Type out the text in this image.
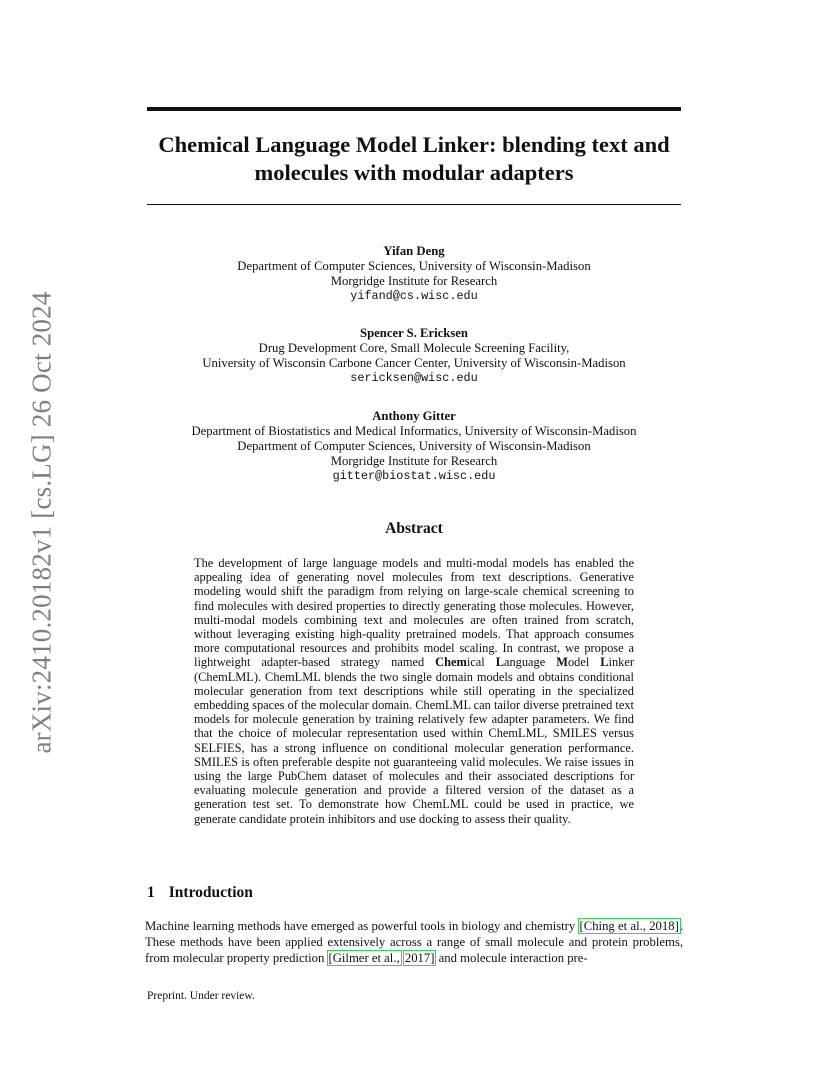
arXiv:2410.20182v1 [cs.LG] 26 Oct 2024
Chemical Language Model Linker: blending text and molecules with modular adapters
Yifan Deng
Department of Computer Sciences, University of Wisconsin-Madison
Morgridge Institute for Research
yifand@cs.wisc.edu
Spencer S. Ericksen
Drug Development Core, Small Molecule Screening Facility,
University of Wisconsin Carbone Cancer Center, University of Wisconsin-Madison
sericksen@wisc.edu
Anthony Gitter
Department of Biostatistics and Medical Informatics, University of Wisconsin-Madison
Department of Computer Sciences, University of Wisconsin-Madison
Morgridge Institute for Research
gitter@biostat.wisc.edu
Abstract
The development of large language models and multi-modal models has enabled the appealing idea of generating novel molecules from text descriptions. Generative modeling would shift the paradigm from relying on large-scale chemical screening to find molecules with desired properties to directly generating those molecules. However, multi-modal models combining text and molecules are often trained from scratch, without leveraging existing high-quality pretrained models. That approach consumes more computational resources and prohibits model scaling. In contrast, we propose a lightweight adapter-based strategy named Chemical Language Model Linker (ChemLML). ChemLML blends the two single domain models and obtains conditional molecular generation from text descriptions while still operating in the specialized embedding spaces of the molecular domain. ChemLML can tailor diverse pretrained text models for molecule generation by training relatively few adapter parameters. We find that the choice of molecular representation used within ChemLML, SMILES versus SELFIES, has a strong influence on conditional molecular generation performance. SMILES is often preferable despite not guaranteeing valid molecules. We raise issues in using the large PubChem dataset of molecules and their associated descriptions for evaluating molecule generation and provide a filtered version of the dataset as a generation test set. To demonstrate how ChemLML could be used in practice, we generate candidate protein inhibitors and use docking to assess their quality.
1 Introduction
Machine learning methods have emerged as powerful tools in biology and chemistry [Ching et al., 2018]. These methods have been applied extensively across a range of small molecule and protein problems, from molecular property prediction [Gilmer et al., 2017] and molecule interaction pre-
Preprint. Under review.
